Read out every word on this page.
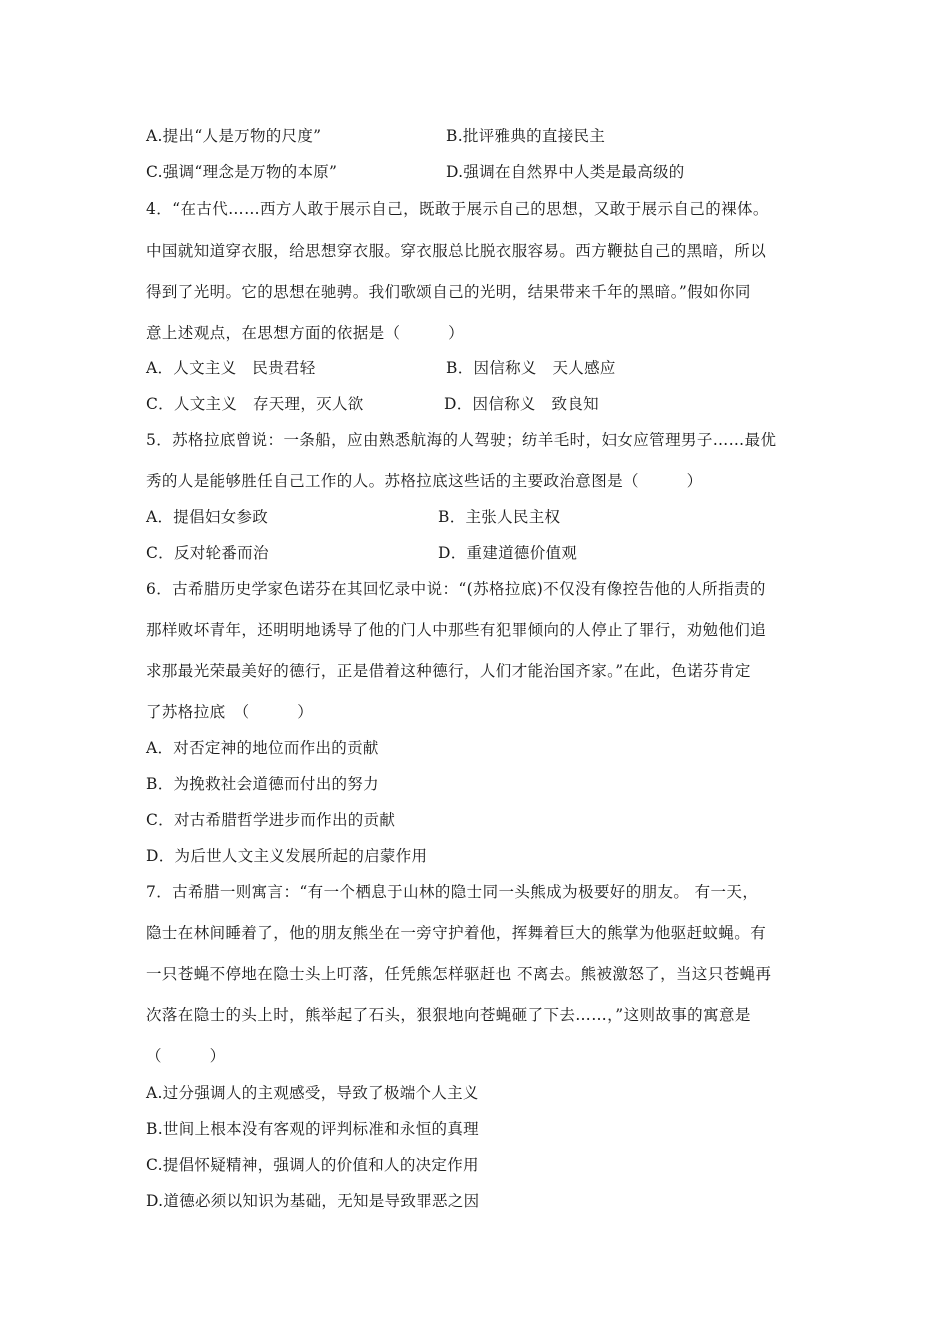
A.提出“人是万物的尺度”	B.批评雅典的直接民主
C.强调“理念是万物的本原”	D.强调在自然界中人类是最高级的
4．“在古代……西方人敢于展示自己，既敢于展示自己的思想，又敢于展示自己的裸体。
中国就知道穿衣服，给思想穿衣服。穿衣服总比脱衣服容易。西方鞭挞自己的黑暗，所以
得到了光明。它的思想在驰骋。我们歌颂自己的光明，结果带来千年的黑暗。”假如你同
意上述观点，在思想方面的依据是（　　　）
A．人文主义　民贵君轻	B．因信称义　天人感应
C．人文主义　存天理，灭人欲	D．因信称义　致良知
5．苏格拉底曾说：一条船，应由熟悉航海的人驾驶；纺羊毛时，妇女应管理男子……最优
秀的人是能够胜任自己工作的人。苏格拉底这些话的主要政治意图是（　　　）
A．提倡妇女参政	B．主张人民主权
C．反对轮番而治	D．重建道德价值观
6．古希腊历史学家色诺芬在其回忆录中说：“(苏格拉底)不仅没有像控告他的人所指责的
那样败坏青年，还明明地诱导了他的门人中那些有犯罪倾向的人停止了罪行，劝勉他们追
求那最光荣最美好的德行，正是借着这种德行，人们才能治国齐家。”在此，色诺芬肯定
了苏格拉底　（　　　）
A．对否定神的地位而作出的贡献
B．为挽救社会道德而付出的努力
C．对古希腊哲学进步而作出的贡献
D．为后世人文主义发展所起的启蒙作用
7．古希腊一则寓言：“有一个栖息于山林的隐士同一头熊成为极要好的朋友。 有一天，
隐士在林间睡着了，他的朋友熊坐在一旁守护着他，挥舞着巨大的熊掌为他驱赶蚊蝇。有
一只苍蝇不停地在隐士头上叮落，任凭熊怎样驱赶也 不离去。熊被激怒了，当这只苍蝇再
次落在隐士的头上时，熊举起了石头，狠狠地向苍蝇砸了下去……，”这则故事的寓意是
（　　　）
A.过分强调人的主观感受，导致了极端个人主义
B.世间上根本没有客观的评判标准和永恒的真理
C.提倡怀疑精神，强调人的价值和人的决定作用
D.道德必须以知识为基础，无知是导致罪恶之因
